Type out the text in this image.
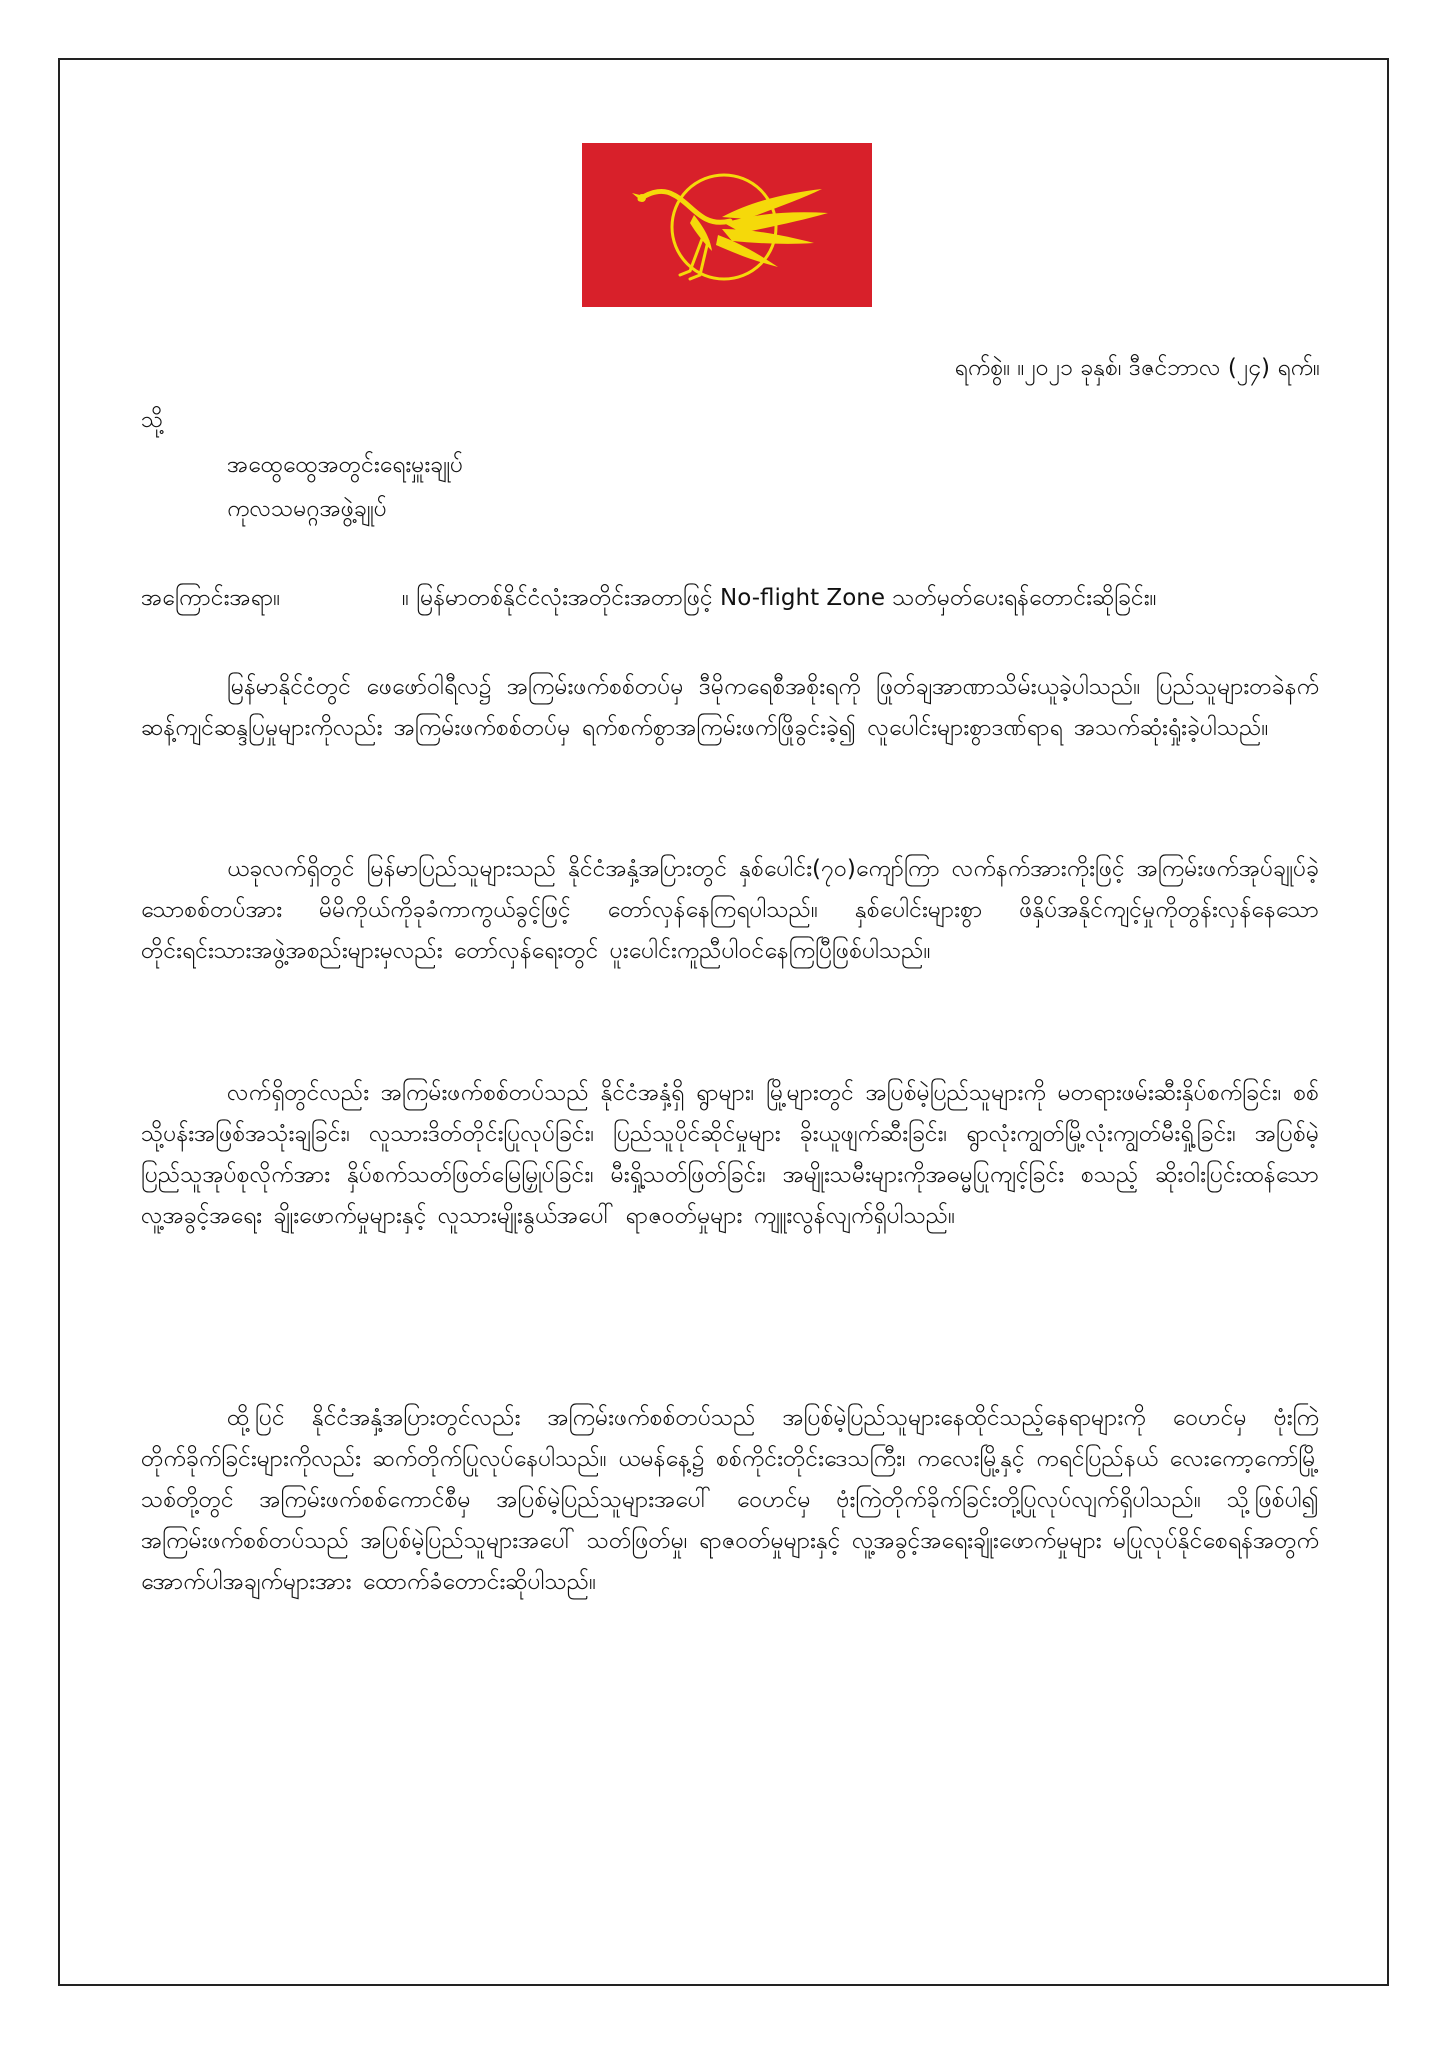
ရက်စွဲ။ ။၂၀၂၁ ခုနှစ်၊ ဒီဇင်ဘာလ (၂၄) ရက်။
သို့
အထွေထွေအတွင်းရေးမှူးချုပ်
ကုလသမဂ္ဂအဖွဲ့ချုပ်
အကြောင်းအရာ။	။ မြန်မာတစ်နိုင်ငံလုံးအတိုင်းအတာဖြင့် No-flight Zone သတ်မှတ်ပေးရန်တောင်းဆိုခြင်း။
မြန်မာနိုင်ငံတွင် ဖေဖော်ဝါရီလ၌ အကြမ်းဖက်စစ်တပ်မှ ဒီမိုကရေစီအစိုးရကို ဖြုတ်ချအာဏာသိမ်းယူခဲ့ပါသည်။ ပြည်သူများတခဲနက်ဆန့်ကျင်ဆန္ဒပြမှုများကိုလည်း အကြမ်းဖက်စစ်တပ်မှ ရက်စက်စွာအကြမ်းဖက်ဖြိုခွင်းခဲ့၍ လူပေါင်းများစွာဒဏ်ရာရ အသက်ဆုံးရှုံးခဲ့ပါသည်။
ယခုလက်ရှိတွင် မြန်မာပြည်သူများသည် နိုင်ငံအနှံ့အပြားတွင် နှစ်ပေါင်း(၇၀)ကျော်ကြာ လက်နက်အားကိုးဖြင့် အကြမ်းဖက်အုပ်ချုပ်ခဲ့သောစစ်တပ်အား မိမိကိုယ်ကိုခုခံကာကွယ်ခွင့်ဖြင့် တော်လှန်နေကြရပါသည်။ နှစ်ပေါင်းများစွာ ဖိနှိပ်အနိုင်ကျင့်မှုကိုတွန်းလှန်နေသော တိုင်းရင်းသားအဖွဲ့အစည်းများမှလည်း တော်လှန်ရေးတွင် ပူးပေါင်းကူညီပါဝင်နေကြပြီဖြစ်ပါသည်။
လက်ရှိတွင်လည်း အကြမ်းဖက်စစ်တပ်သည် နိုင်ငံအနှံ့ရှိ ရွာများ၊ မြို့များတွင် အပြစ်မဲ့ပြည်သူများကို မတရားဖမ်းဆီးနှိပ်စက်ခြင်း၊ စစ်သို့ပန်းအဖြစ်အသုံးချခြင်း၊ လူသားဒိတ်တိုင်းပြုလုပ်ခြင်း၊ ပြည်သူပိုင်ဆိုင်မှုများ ခိုးယူဖျက်ဆီးခြင်း၊ ရွာလုံးကျွတ်မြို့လုံးကျွတ်မီးရှို့ခြင်း၊ အပြစ်မဲ့ပြည်သူအုပ်စုလိုက်အား နှိပ်စက်သတ်ဖြတ်မြေမြှုပ်ခြင်း၊ မီးရှို့သတ်ဖြတ်ခြင်း၊ အမျိုးသမီးများကိုအဓမ္မပြုကျင့်ခြင်း စသည့် ဆိုးဝါးပြင်းထန်သော လူ့အခွင့်အရေး ချိုးဖောက်မှုများနှင့် လူသားမျိုးနွယ်အပေါ် ရာဇဝတ်မှုများ ကျူးလွန်လျက်ရှိပါသည်။
ထို့ပြင် နိုင်ငံအနှံ့အပြားတွင်လည်း အကြမ်းဖက်စစ်တပ်သည် အပြစ်မဲ့ပြည်သူများနေထိုင်သည့်နေရာများကို ဝေဟင်မှ ဗုံးကြဲတိုက်ခိုက်ခြင်းများကိုလည်း ဆက်တိုက်ပြုလုပ်နေပါသည်။ ယမန်နေ့၌ စစ်ကိုင်းတိုင်းဒေသကြီး၊ ကလေးမြို့နှင့် ကရင်ပြည်နယ် လေးကော့ကော်မြို့သစ်တို့တွင် အကြမ်းဖက်စစ်ကောင်စီမှ အပြစ်မဲ့ပြည်သူများအပေါ် ဝေဟင်မှ ဗုံးကြဲတိုက်ခိုက်ခြင်းတို့ပြုလုပ်လျက်ရှိပါသည်။ သို့ဖြစ်ပါ၍ အကြမ်းဖက်စစ်တပ်သည် အပြစ်မဲ့ပြည်သူများအပေါ် သတ်ဖြတ်မှု၊ ရာဇဝတ်မှုများနှင့် လူ့အခွင့်အရေးချိုးဖောက်မှုများ မပြုလုပ်နိုင်စေရန်အတွက် အောက်ပါအချက်များအား ထောက်ခံတောင်းဆိုပါသည်။
